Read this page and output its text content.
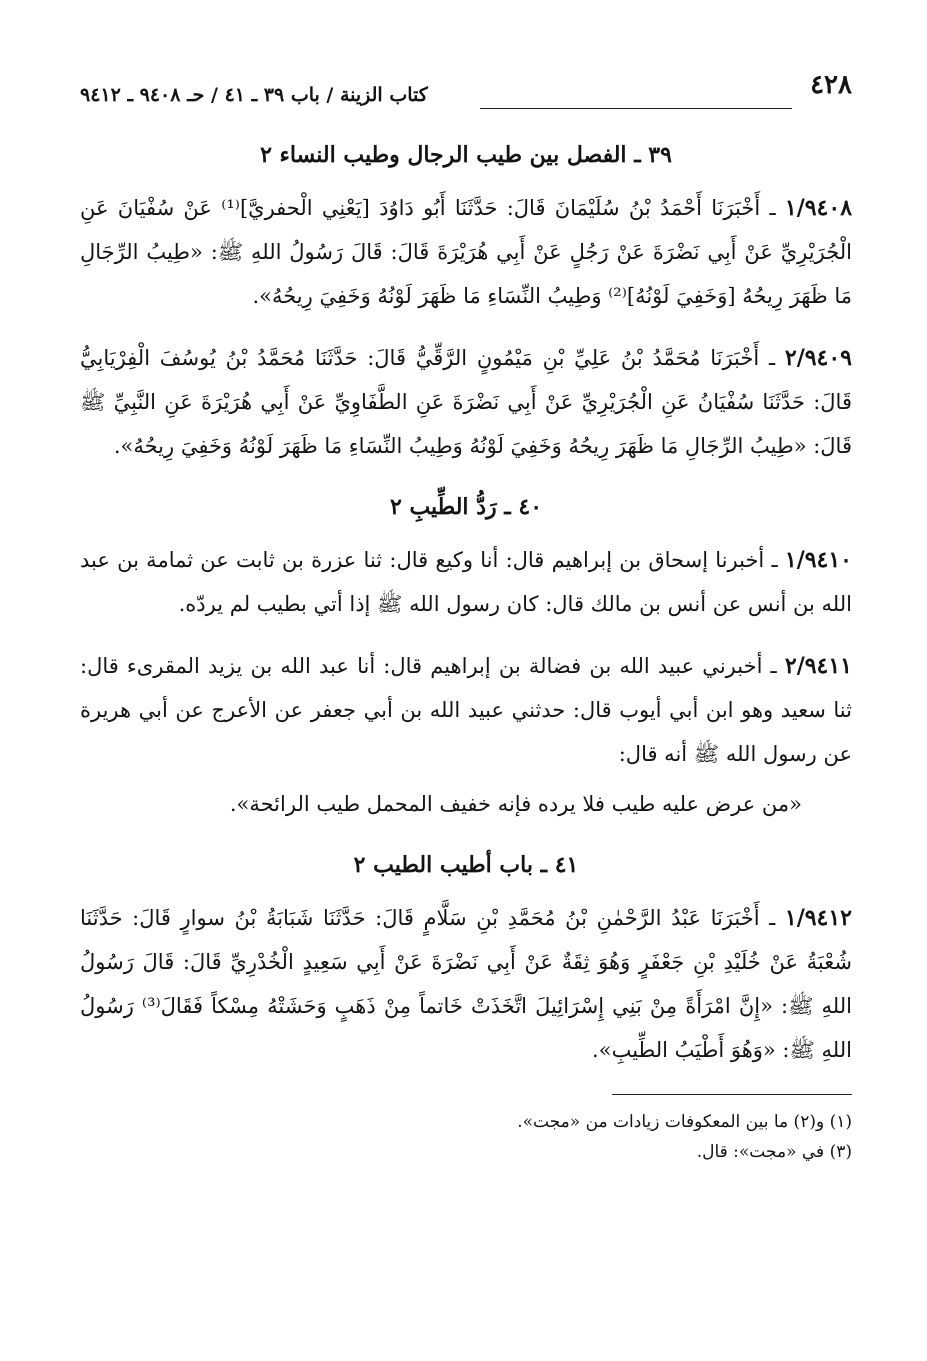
٤٢٨
كتاب الزينة / باب ٣٩ ـ ٤١ / حـ ٩٤٠٨ ـ ٩٤١٢
٣٩ ـ الفصل بين طيب الرجال وطيب النساء ٢

١/٩٤٠٨ ـ أَخْبَرَنَا أَحْمَدُ بْنُ سُلَيْمَانَ قَالَ: حَدَّثَنَا أَبُو دَاوُدَ [يَعْنِي الْحفريَّ]⁽¹⁾ عَنْ سُفْيَانَ عَنِ الْجُرَيْرِيِّ عَنْ أَبِي نَضْرَةَ عَنْ رَجُلٍ عَنْ أَبِي هُرَيْرَةَ قَالَ: قَالَ رَسُولُ اللهِ ﷺ: «طِيبُ الرِّجَالِ مَا ظَهَرَ رِيحُهُ [وَخَفِيَ لَوْنُهُ]⁽²⁾ وَطِيبُ النِّسَاءِ مَا ظَهَرَ لَوْنُهُ وَخَفِيَ رِيحُهُ».

٢/٩٤٠٩ ـ أَخْبَرَنَا مُحَمَّدُ بْنُ عَلِيِّ بْنِ مَيْمُونٍ الرَّقِّيُّ قَالَ: حَدَّثَنَا مُحَمَّدُ بْنُ يُوسُفَ الْفِرْيَابِيُّ قَالَ: حَدَّثَنَا سُفْيَانُ عَنِ الْجُرَيْرِيِّ عَنْ أَبِي نَضْرَةَ عَنِ الطَّفَاوِيِّ عَنْ أَبِي هُرَيْرَةَ عَنِ النَّبِيِّ ﷺ قَالَ: «طِيبُ الرِّجَالِ مَا ظَهَرَ رِيحُهُ وَخَفِيَ لَوْنُهُ وَطِيبُ النِّسَاءِ مَا ظَهَرَ لَوْنُهُ وَخَفِيَ رِيحُهُ».

٤٠ ـ رَدُّ الطِّيبِ ٢

١/٩٤١٠ ـ أخبرنا إسحاق بن إبراهيم قال: أنا وكيع قال: ثنا عزرة بن ثابت عن ثمامة بن عبد الله بن أنس عن أنس بن مالك قال: كان رسول الله ﷺ إذا أتي بطيب لم يردّه.

٢/٩٤١١ ـ أخبرني عبيد الله بن فضالة بن إبراهيم قال: أنا عبد الله بن يزيد المقرىء قال: ثنا سعيد وهو ابن أبي أيوب قال: حدثني عبيد الله بن أبي جعفر عن الأعرج عن أبي هريرة عن رسول الله ﷺ أنه قال:

«من عرض عليه طيب فلا يرده فإنه خفيف المحمل طيب الرائحة».

٤١ ـ باب أطيب الطيب ٢

١/٩٤١٢ ـ أَخْبَرَنَا عَبْدُ الرَّحْمٰنِ بْنُ مُحَمَّدِ بْنِ سَلَّامٍ قَالَ: حَدَّثَنَا شَبَابَةُ بْنُ سوارٍ قَالَ: حَدَّثَنَا شُعْبَةُ عَنْ خُلَيْدِ بْنِ جَعْفَرٍ وَهُوَ ثِقَةٌ عَنْ أَبِي نَضْرَةَ عَنْ أَبِي سَعِيدٍ الْخُدْرِيِّ قَالَ: قَالَ رَسُولُ اللهِ ﷺ: «إِنَّ امْرَأَةً مِنْ بَنِي إِسْرَائِيلَ اتَّخَذَتْ خَاتماً مِنْ ذَهَبٍ وَحَشَتْهُ مِسْكاً فَقَالَ⁽³⁾ رَسُولُ اللهِ ﷺ: «وَهُوَ أَطْيَبُ الطِّيبِ».

(١) و(٢) ما بين المعكوفات زيادات من «مجت».

(٣) في «مجت»: قال.
